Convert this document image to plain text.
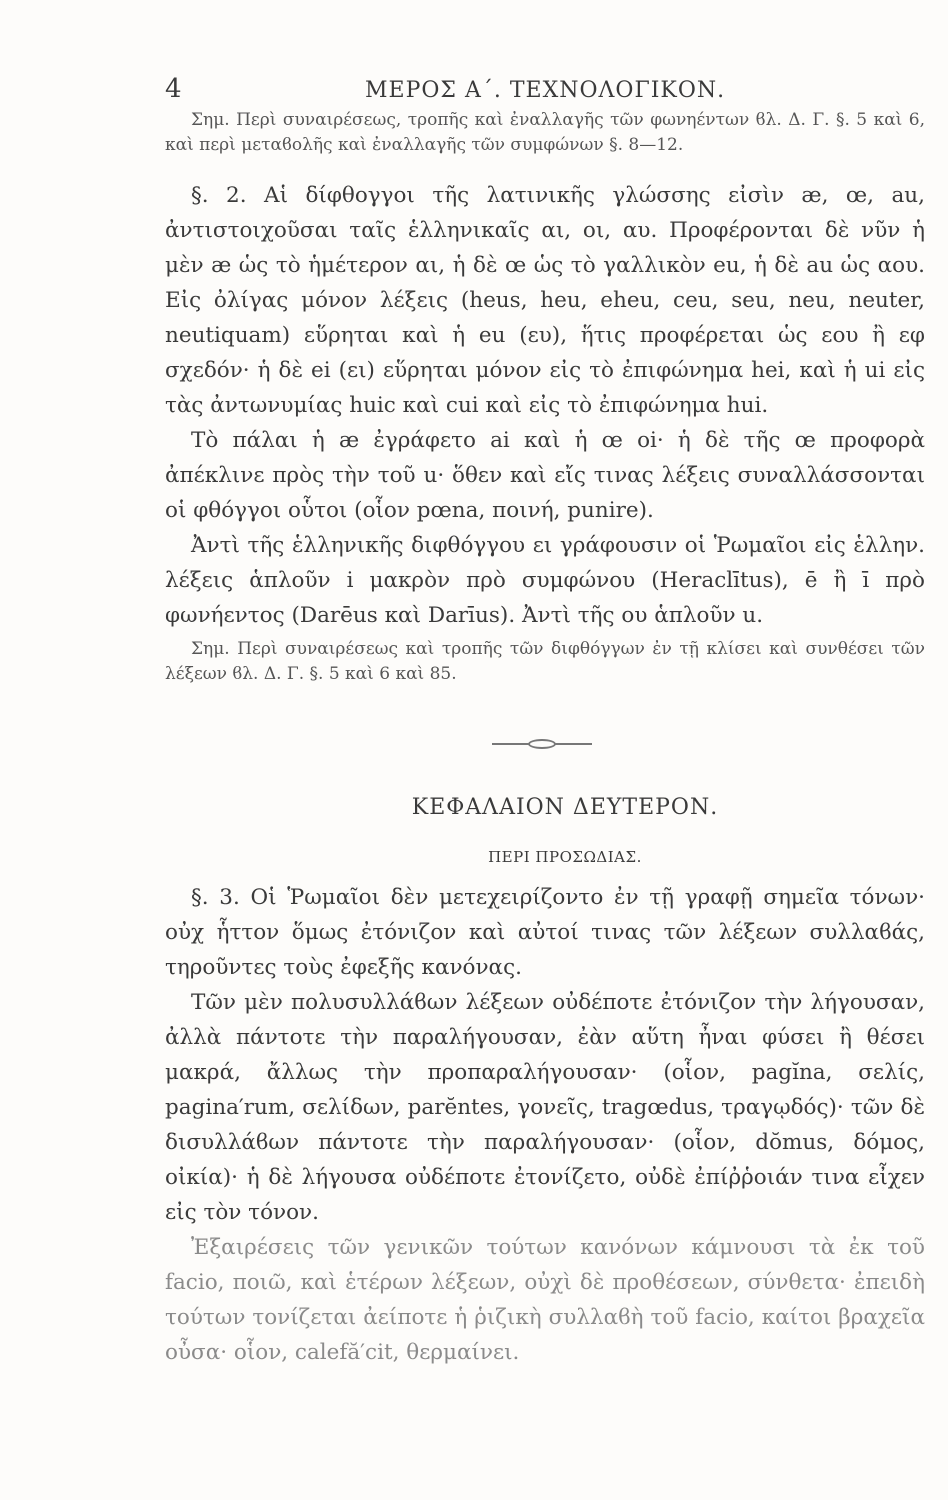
4	ΜΕΡΟΣ Α΄. ΤΕΧΝΟΛΟΓΙΚΟΝ.

Σημ. Περὶ συναιρέσεως, τροπῆς καὶ ἐναλλαγῆς τῶν φωνηέντων ϐλ. Δ. Γ. §. 5 καὶ 6, καὶ περὶ μεταϐολῆς καὶ ἐναλλαγῆς τῶν συμφώνων §. 8—12.

§. 2. Αἱ δίφθογγοι τῆς λατινικῆς γλώσσης εἰσὶν æ, œ, au, ἀντιστοιχοῦσαι ταῖς ἑλληνικαῖς αι, οι, αυ. Προφέρονται δὲ νῦν ἡ μὲν æ ὡς τὸ ἡμέτερον αι, ἡ δὲ œ ὡς τὸ γαλλικὸν eu, ἡ δὲ au ὡς αου. Εἰς ὀλίγας μόνον λέξεις (heus, heu, eheu, ceu, seu, neu, neuter, neutiquam) εὕρηται καὶ ἡ eu (ευ), ἥτις προφέρεται ὡς εου ἢ εφ σχεδόν· ἡ δὲ ei (ει) εὕρηται μόνον εἰς τὸ ἐπιφώνημα hei, καὶ ἡ ui εἰς τὰς ἀντωνυμίας huic καὶ cui καὶ εἰς τὸ ἐπιφώνημα hui.

Τὸ πάλαι ἡ æ ἐγράφετο ai καὶ ἡ œ oi· ἡ δὲ τῆς œ προφορὰ ἀπέκλινε πρὸς τὴν τοῦ u· ὅθεν καὶ εἴς τινας λέξεις συναλλάσσονται οἱ φθόγγοι οὗτοι (οἷον pœna, ποινή, punire).

Ἀντὶ τῆς ἑλληνικῆς διφθόγγου ει γράφουσιν οἱ Ῥωμαῖοι εἰς ἑλλην. λέξεις ἁπλοῦν i μακρὸν πρὸ συμφώνου (Heraclītus), ē ἢ ī πρὸ φωνήεντος (Darēus καὶ Darīus). Ἀντὶ τῆς ου ἁπλοῦν u.

Σημ. Περὶ συναιρέσεως καὶ τροπῆς τῶν διφθόγγων ἐν τῇ κλίσει καὶ συνθέσει τῶν λέξεων ϐλ. Δ. Γ. §. 5 καὶ 6 καὶ 85.

ΚΕΦΑΛΑΙΟΝ ΔΕΥΤΕΡΟΝ.
ΠΕΡΙ ΠΡΟΣΩΔΙΑΣ.

§. 3. Οἱ Ῥωμαῖοι δὲν μετεχειρίζοντο ἐν τῇ γραφῇ σημεῖα τόνων· οὐχ ἧττον ὅμως ἐτόνιζον καὶ αὐτοί τινας τῶν λέξεων συλλαϐάς, τηροῦντες τοὺς ἐφεξῆς κανόνας.

Τῶν μὲν πολυσυλλάϐων λέξεων οὐδέποτε ἐτόνιζον τὴν λήγουσαν, ἀλλὰ πάντοτε τὴν παραλήγουσαν, ἐὰν αὕτη ἦναι φύσει ἢ θέσει μακρά, ἄλλως τὴν προπαραλήγουσαν· (οἷον, pagĭna, σελίς, pagina′rum, σελίδων, parĕntes, γονεῖς, tragœdus, τραγῳδός)· τῶν δὲ δισυλλάϐων πάντοτε τὴν παραλήγουσαν· (οἷον, dŏmus, δόμος, οἰκία)· ἡ δὲ λήγουσα οὐδέποτε ἐτονίζετο, οὐδὲ ἐπίῤῥοιάν τινα εἶχεν εἰς τὸν τόνον.

Ἐξαιρέσεις τῶν γενικῶν τούτων κανόνων κάμνουσι τὰ ἐκ τοῦ facio, ποιῶ, καὶ ἑτέρων λέξεων, οὐχὶ δὲ προθέσεων, σύνθετα· ἐπειδὴ τούτων τονίζεται ἀείποτε ἡ ῥιζικὴ συλλαϐὴ τοῦ facio, καίτοι βραχεῖα οὖσα· οἷον, calefă′cit, θερμαίνει.
